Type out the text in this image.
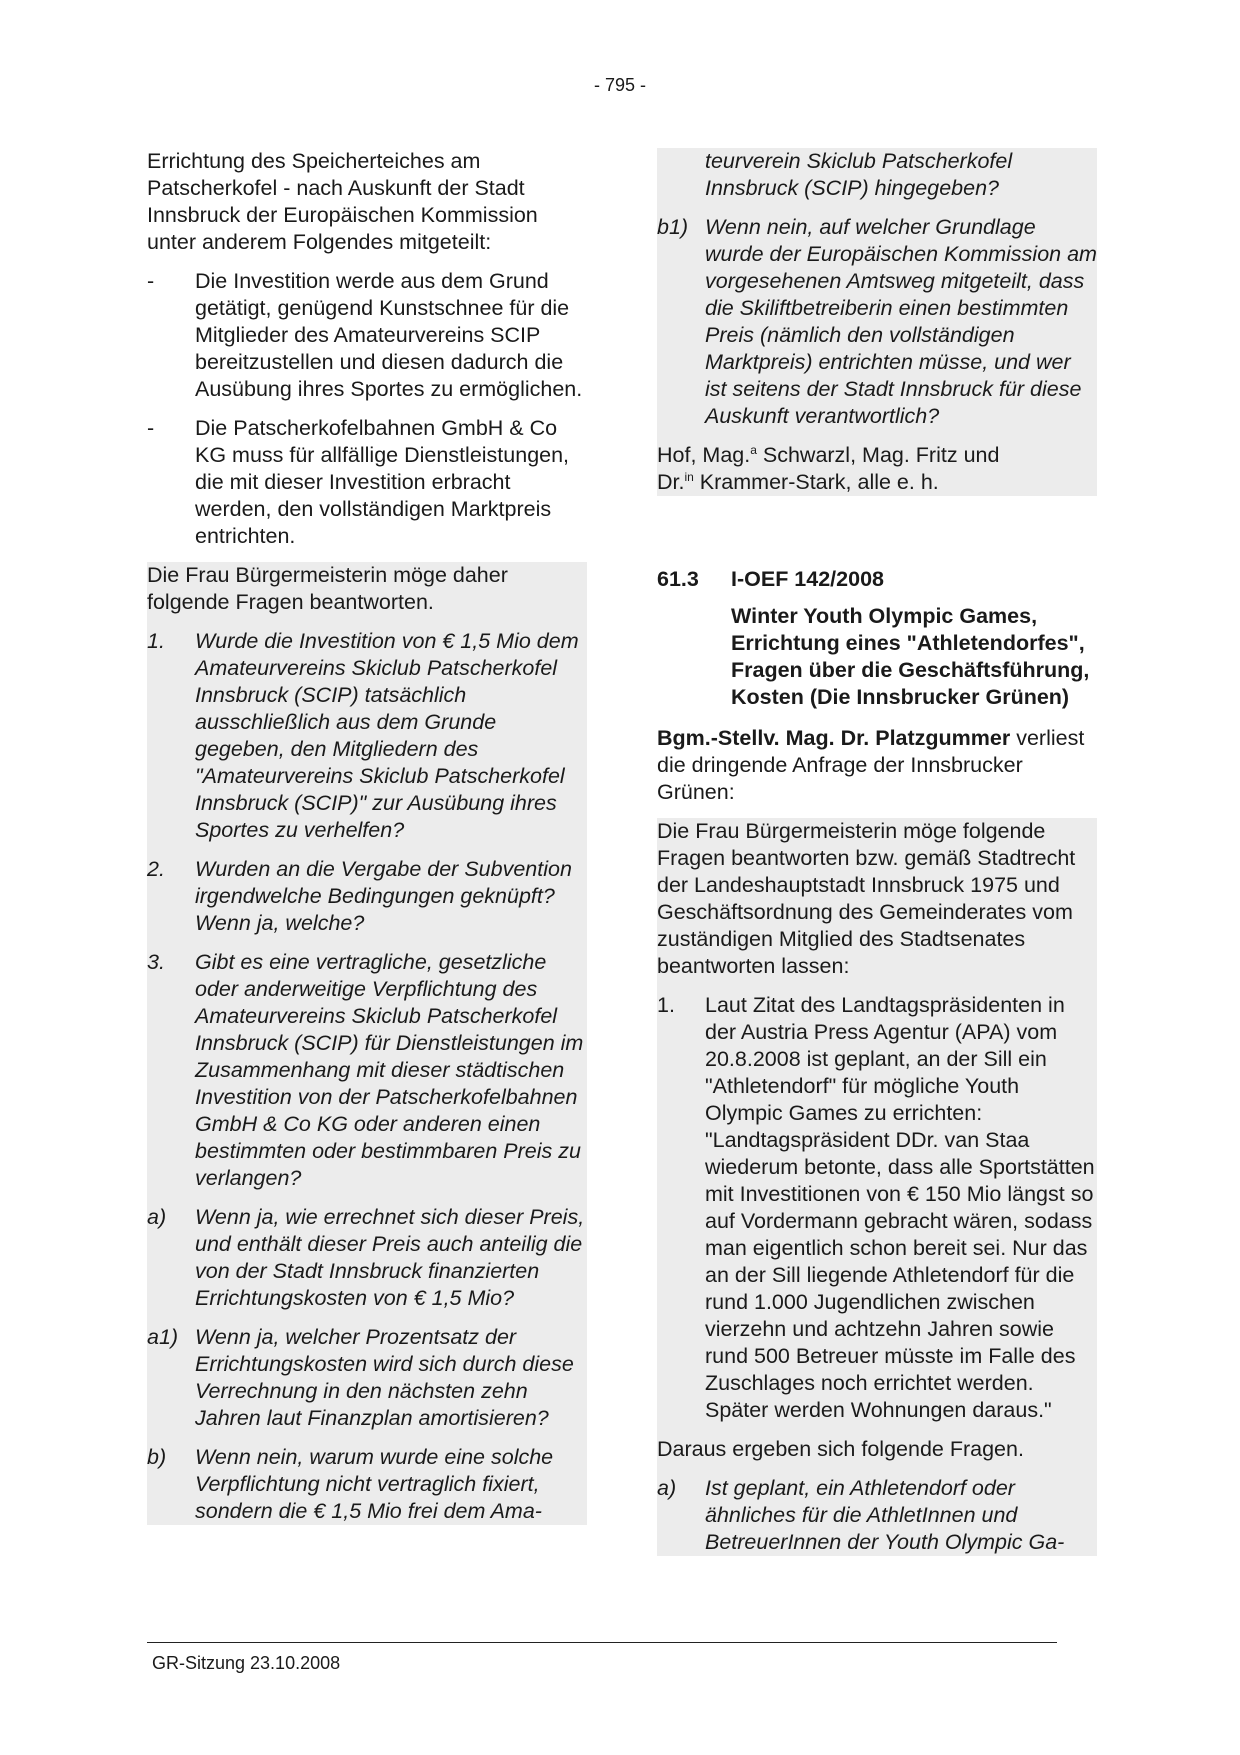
- 795 -
Errichtung des Speicherteiches am Patscherkofel - nach Auskunft der Stadt Innsbruck der Europäischen Kommission unter anderem Folgendes mitgeteilt:
-	Die Investition werde aus dem Grund getätigt, genügend Kunstschnee für die Mitglieder des Amateurvereins SCIP bereitzustellen und diesen dadurch die Ausübung ihres Sportes zu ermöglichen.
-	Die Patscherkofelbahnen GmbH & Co KG muss für allfällige Dienstleistungen, die mit dieser Investition erbracht werden, den vollständigen Marktpreis entrichten.
Die Frau Bürgermeisterin möge daher folgende Fragen beantworten.
1.	Wurde die Investition von € 1,5 Mio dem Amateurvereins Skiclub Patscherkofel Innsbruck (SCIP) tatsächlich ausschließlich aus dem Grunde gegeben, den Mitgliedern des "Amateurvereins Skiclub Patscherkofel Innsbruck (SCIP)" zur Ausübung ihres Sportes zu verhelfen?
2.	Wurden an die Vergabe der Subvention irgendwelche Bedingungen geknüpft? Wenn ja, welche?
3.	Gibt es eine vertragliche, gesetzliche oder anderweitige Verpflichtung des Amateurvereins Skiclub Patscherkofel Innsbruck (SCIP) für Dienstleistungen im Zusammenhang mit dieser städtischen Investition von der Patscherkofelbahnen GmbH & Co KG oder anderen einen bestimmten oder bestimmbaren Preis zu verlangen?
a)	Wenn ja, wie errechnet sich dieser Preis, und enthält dieser Preis auch anteilig die von der Stadt Innsbruck finanzierten Errichtungskosten von € 1,5 Mio?
a1) Wenn ja, welcher Prozentsatz der Errichtungskosten wird sich durch diese Verrechnung in den nächsten zehn Jahren laut Finanzplan amortisieren?
b)	Wenn nein, warum wurde eine solche Verpflichtung nicht vertraglich fixiert, sondern die € 1,5 Mio frei dem Ama-
teurverein Skiclub Patscherkofel Innsbruck (SCIP) hingegeben?
b1) Wenn nein, auf welcher Grundlage wurde der Europäischen Kommission am vorgesehenen Amtsweg mitgeteilt, dass die Skiliftbetreiberin einen bestimmten Preis (nämlich den vollständigen Marktpreis) entrichten müsse, und wer ist seitens der Stadt Innsbruck für diese Auskunft verantwortlich?
Hof, Mag.$^a$ Schwarzl, Mag. Fritz und
Dr.$^{in}$ Krammer-Stark, alle e. h.
61.3	I-OEF 142/2008
Winter Youth Olympic Games, Errichtung eines "Athletendorfes", Fragen über die Geschäftsführung, Kosten (Die Innsbrucker Grünen)
Bgm.-Stellv. Mag. Dr. Platzgummer verliest die dringende Anfrage der Innsbrucker Grünen:
Die Frau Bürgermeisterin möge folgende Fragen beantworten bzw. gemäß Stadtrecht der Landeshauptstadt Innsbruck 1975 und Geschäftsordnung des Gemeinderates vom zuständigen Mitglied des Stadtsenates beantworten lassen:
1.	Laut Zitat des Landtagspräsidenten in der Austria Press Agentur (APA) vom 20.8.2008 ist geplant, an der Sill ein "Athletendorf" für mögliche Youth Olympic Games zu errichten: "Landtagspräsident DDr. van Staa wiederum betonte, dass alle Sportstätten mit Investitionen von € 150 Mio längst so auf Vordermann gebracht wären, sodass man eigentlich schon bereit sei. Nur das an der Sill liegende Athletendorf für die rund 1.000 Jugendlichen zwischen vierzehn und achtzehn Jahren sowie rund 500 Betreuer müsste im Falle des Zuschlages noch errichtet werden. Später werden Wohnungen daraus."
Daraus ergeben sich folgende Fragen.
a)	Ist geplant, ein Athletendorf oder ähnliches für die AthletInnen und BetreuerInnen der Youth Olympic Ga-
GR-Sitzung 23.10.2008
